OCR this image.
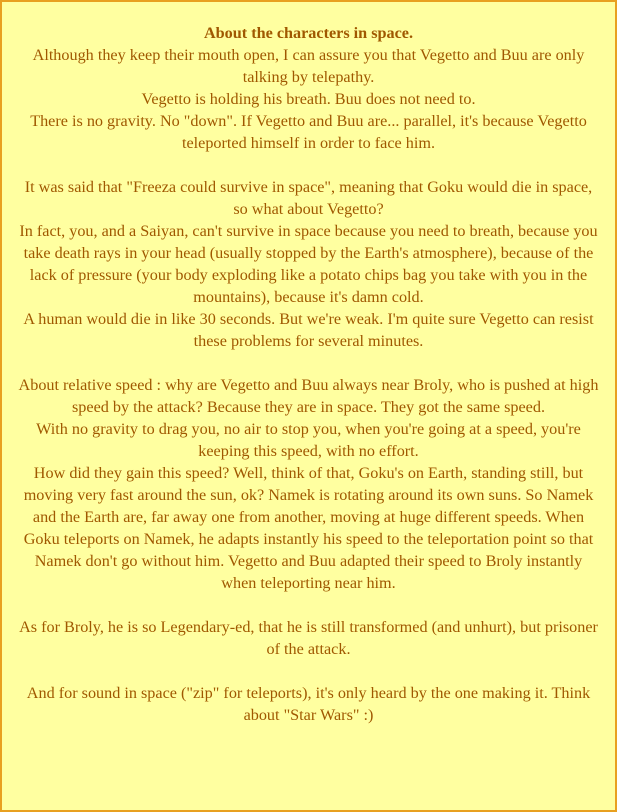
About the characters in space.
Although they keep their mouth open, I can assure you that Vegetto and Buu are only talking by telepathy.
Vegetto is holding his breath. Buu does not need to.
There is no gravity. No "down". If Vegetto and Buu are... parallel, it's because Vegetto teleported himself in order to face him.
It was said that "Freeza could survive in space", meaning that Goku would die in space, so what about Vegetto?
In fact, you, and a Saiyan, can't survive in space because you need to breath, because you take death rays in your head (usually stopped by the Earth's atmosphere), because of the lack of pressure (your body exploding like a potato chips bag you take with you in the mountains), because it's damn cold.
A human would die in like 30 seconds. But we're weak. I'm quite sure Vegetto can resist these problems for several minutes.
About relative speed : why are Vegetto and Buu always near Broly, who is pushed at high speed by the attack? Because they are in space. They got the same speed.
With no gravity to drag you, no air to stop you, when you're going at a speed, you're keeping this speed, with no effort.
How did they gain this speed? Well, think of that, Goku's on Earth, standing still, but moving very fast around the sun, ok? Namek is rotating around its own suns. So Namek and the Earth are, far away one from another, moving at huge different speeds. When Goku teleports on Namek, he adapts instantly his speed to the teleportation point so that Namek don't go without him. Vegetto and Buu adapted their speed to Broly instantly when teleporting near him.
As for Broly, he is so Legendary-ed, that he is still transformed (and unhurt), but prisoner of the attack.
And for sound in space ("zip" for teleports), it's only heard by the one making it. Think about "Star Wars" :)
